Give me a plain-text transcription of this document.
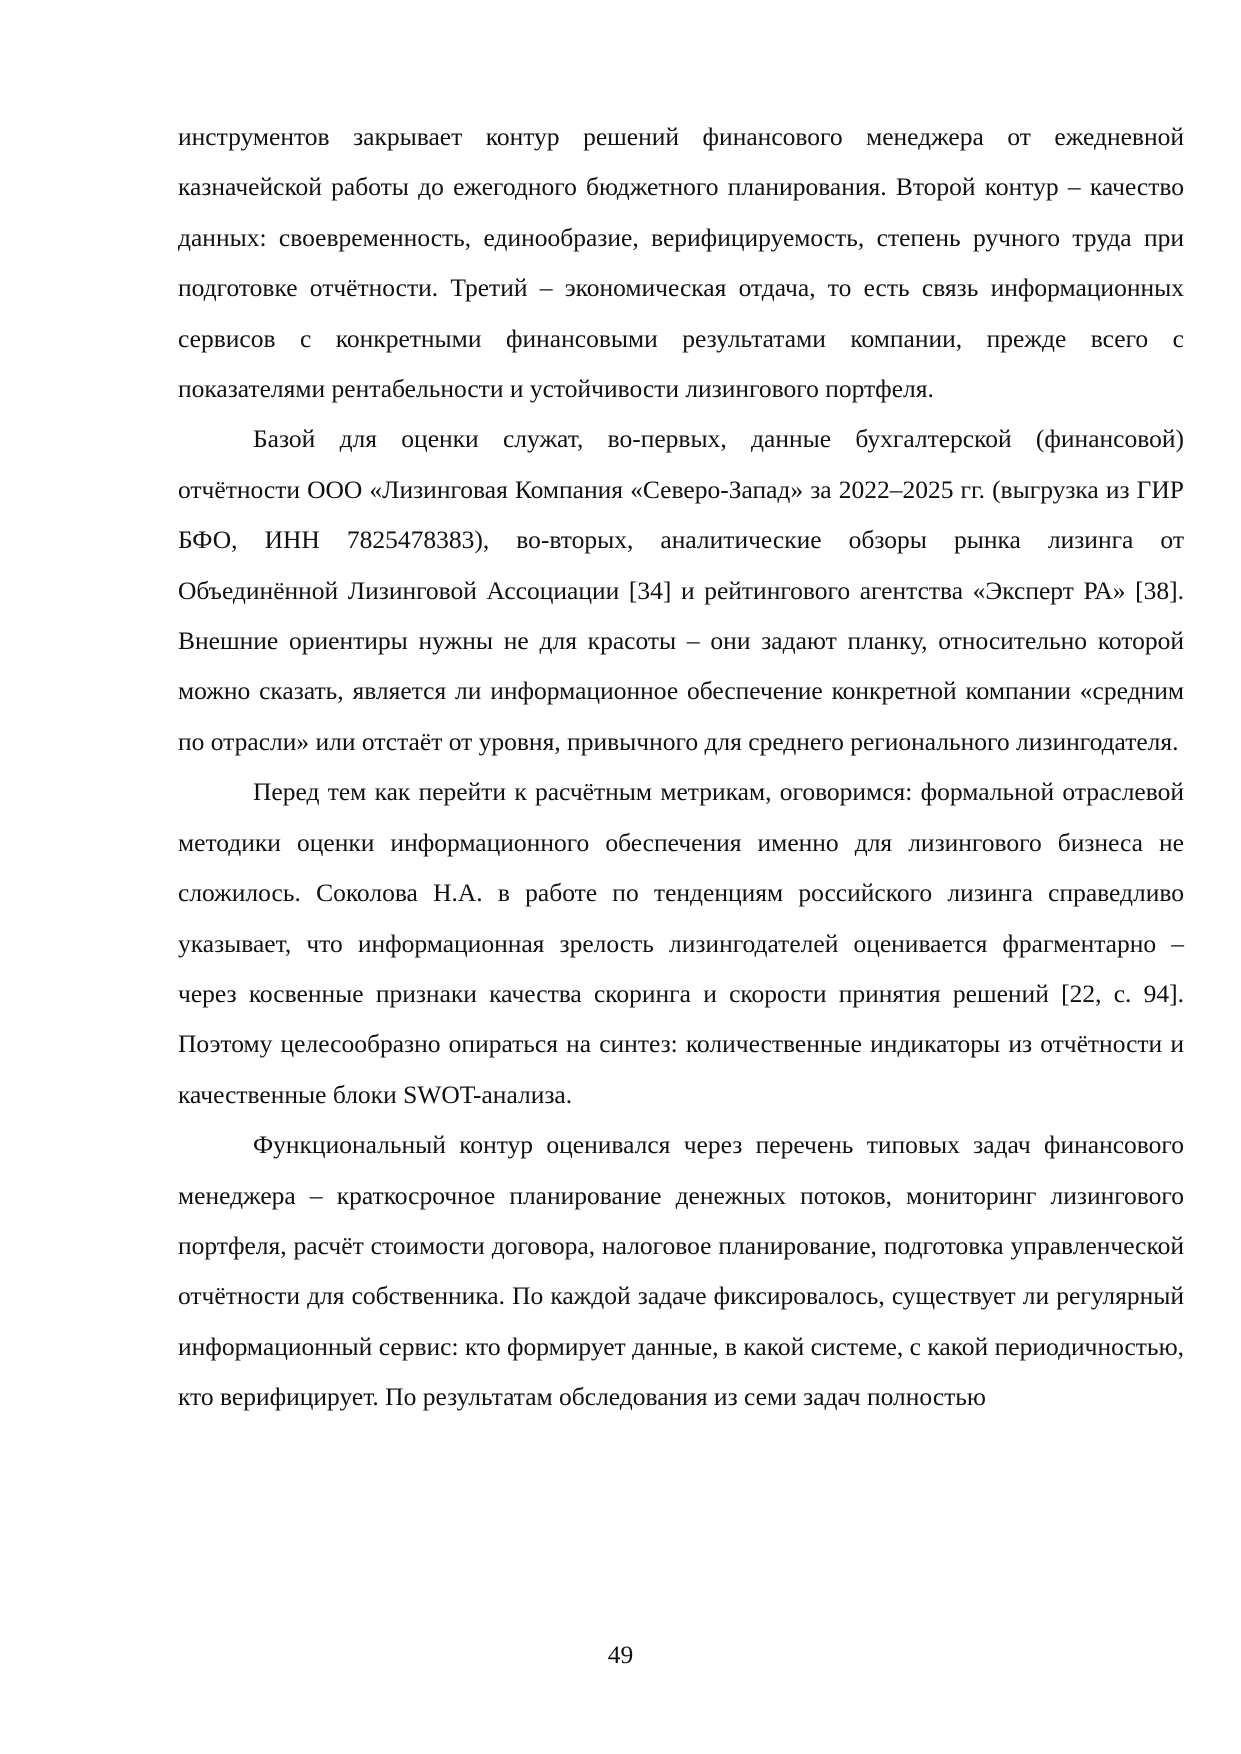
инструментов закрывает контур решений финансового менеджера от ежедневной казначейской работы до ежегодного бюджетного планирования. Второй контур – качество данных: своевременность, единообразие, верифицируемость, степень ручного труда при подготовке отчётности. Третий – экономическая отдача, то есть связь информационных сервисов с конкретными финансовыми результатами компании, прежде всего с показателями рентабельности и устойчивости лизингового портфеля.

Базой для оценки служат, во-первых, данные бухгалтерской (финансовой) отчётности ООО «Лизинговая Компания «Северо-Запад» за 2022–2025 гг. (выгрузка из ГИР БФО, ИНН 7825478383), во-вторых, аналитические обзоры рынка лизинга от Объединённой Лизинговой Ассоциации [34] и рейтингового агентства «Эксперт РА» [38]. Внешние ориентиры нужны не для красоты – они задают планку, относительно которой можно сказать, является ли информационное обеспечение конкретной компании «средним по отрасли» или отстаёт от уровня, привычного для среднего регионального лизингодателя.

Перед тем как перейти к расчётным метрикам, оговоримся: формальной отраслевой методики оценки информационного обеспечения именно для лизингового бизнеса не сложилось. Соколова Н.А. в работе по тенденциям российского лизинга справедливо указывает, что информационная зрелость лизингодателей оценивается фрагментарно – через косвенные признаки качества скоринга и скорости принятия решений [22, с. 94]. Поэтому целесообразно опираться на синтез: количественные индикаторы из отчётности и качественные блоки SWOT-анализа.

Функциональный контур оценивался через перечень типовых задач финансового менеджера – краткосрочное планирование денежных потоков, мониторинг лизингового портфеля, расчёт стоимости договора, налоговое планирование, подготовка управленческой отчётности для собственника. По каждой задаче фиксировалось, существует ли регулярный информационный сервис: кто формирует данные, в какой системе, с какой периодичностью, кто верифицирует. По результатам обследования из семи задач полностью

49
